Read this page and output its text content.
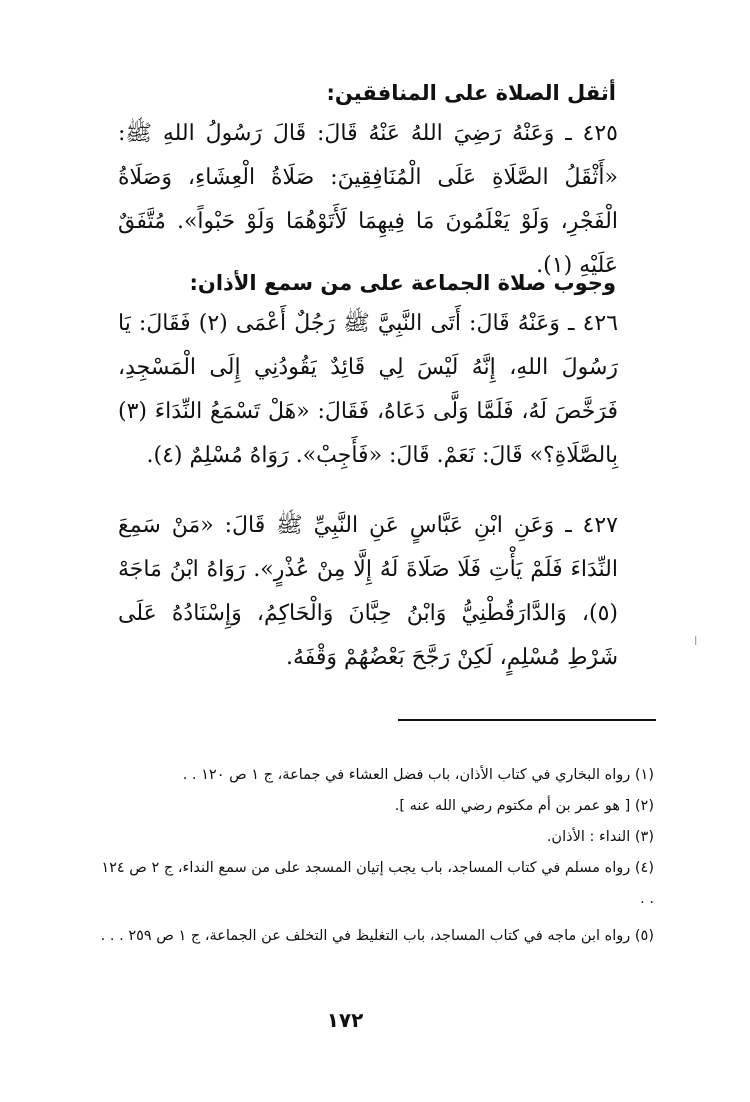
أثقل الصلاة على المنافقين:

٤٢٥ ـ وَعَنْهُ رَضِيَ اللهُ عَنْهُ قَالَ: قَالَ رَسُولُ اللهِ ﷺ: «أَثْقَلُ الصَّلَاةِ عَلَى الْمُنَافِقِينَ: صَلَاةُ الْعِشَاءِ، وَصَلَاةُ الْفَجْرِ، وَلَوْ يَعْلَمُونَ مَا فِيهِمَا لَأَتَوْهُمَا وَلَوْ حَبْواً». مُتَّفَقٌ عَلَيْهِ (١).

وجوب صلاة الجماعة على من سمع الأذان:

٤٢٦ ـ وَعَنْهُ قَالَ: أَتَى النَّبِيَّ ﷺ رَجُلٌ أَعْمَى (٢) فَقَالَ: يَا رَسُولَ اللهِ، إِنَّهُ لَيْسَ لِي قَائِدٌ يَقُودُنِي إِلَى الْمَسْجِدِ، فَرَخَّصَ لَهُ، فَلَمَّا وَلَّى دَعَاهُ، فَقَالَ: «هَلْ تَسْمَعُ النِّدَاءَ (٣) بِالصَّلَاةِ؟» قَالَ: نَعَمْ. قَالَ: «فَأَجِبْ». رَوَاهُ مُسْلِمٌ (٤).

٤٢٧ ـ وَعَنِ ابْنِ عَبَّاسٍ عَنِ النَّبِيِّ ﷺ قَالَ: «مَنْ سَمِعَ النِّدَاءَ فَلَمْ يَأْتِ فَلَا صَلَاةَ لَهُ إِلَّا مِنْ عُذْرٍ». رَوَاهُ ابْنُ مَاجَهْ (٥)، وَالدَّارَقُطْنِيُّ وَابْنُ حِبَّانَ وَالْحَاكِمُ، وَإِسْنَادُهُ عَلَى شَرْطِ مُسْلِمٍ، لَكِنْ رَجَّحَ بَعْضُهُمْ وَقْفَهُ.

ا
(١) رواه البخاري في كتاب الأذان، باب فضل العشاء في جماعة، ج ١ ص ١٢٠ . .
(٢) [ هو عمر بن أم مكتوم رضي الله عنه ].
(٣) النداء : الأذان.
(٤) رواه مسلم في كتاب المساجد، باب يجب إتيان المسجد على من سمع النداء، ج ٢ ص ١٢٤ . .
(٥) رواه ابن ماجه في كتاب المساجد، باب التغليظ في التخلف عن الجماعة، ج ١ ص ٢٥٩ . . .
١٧٢
